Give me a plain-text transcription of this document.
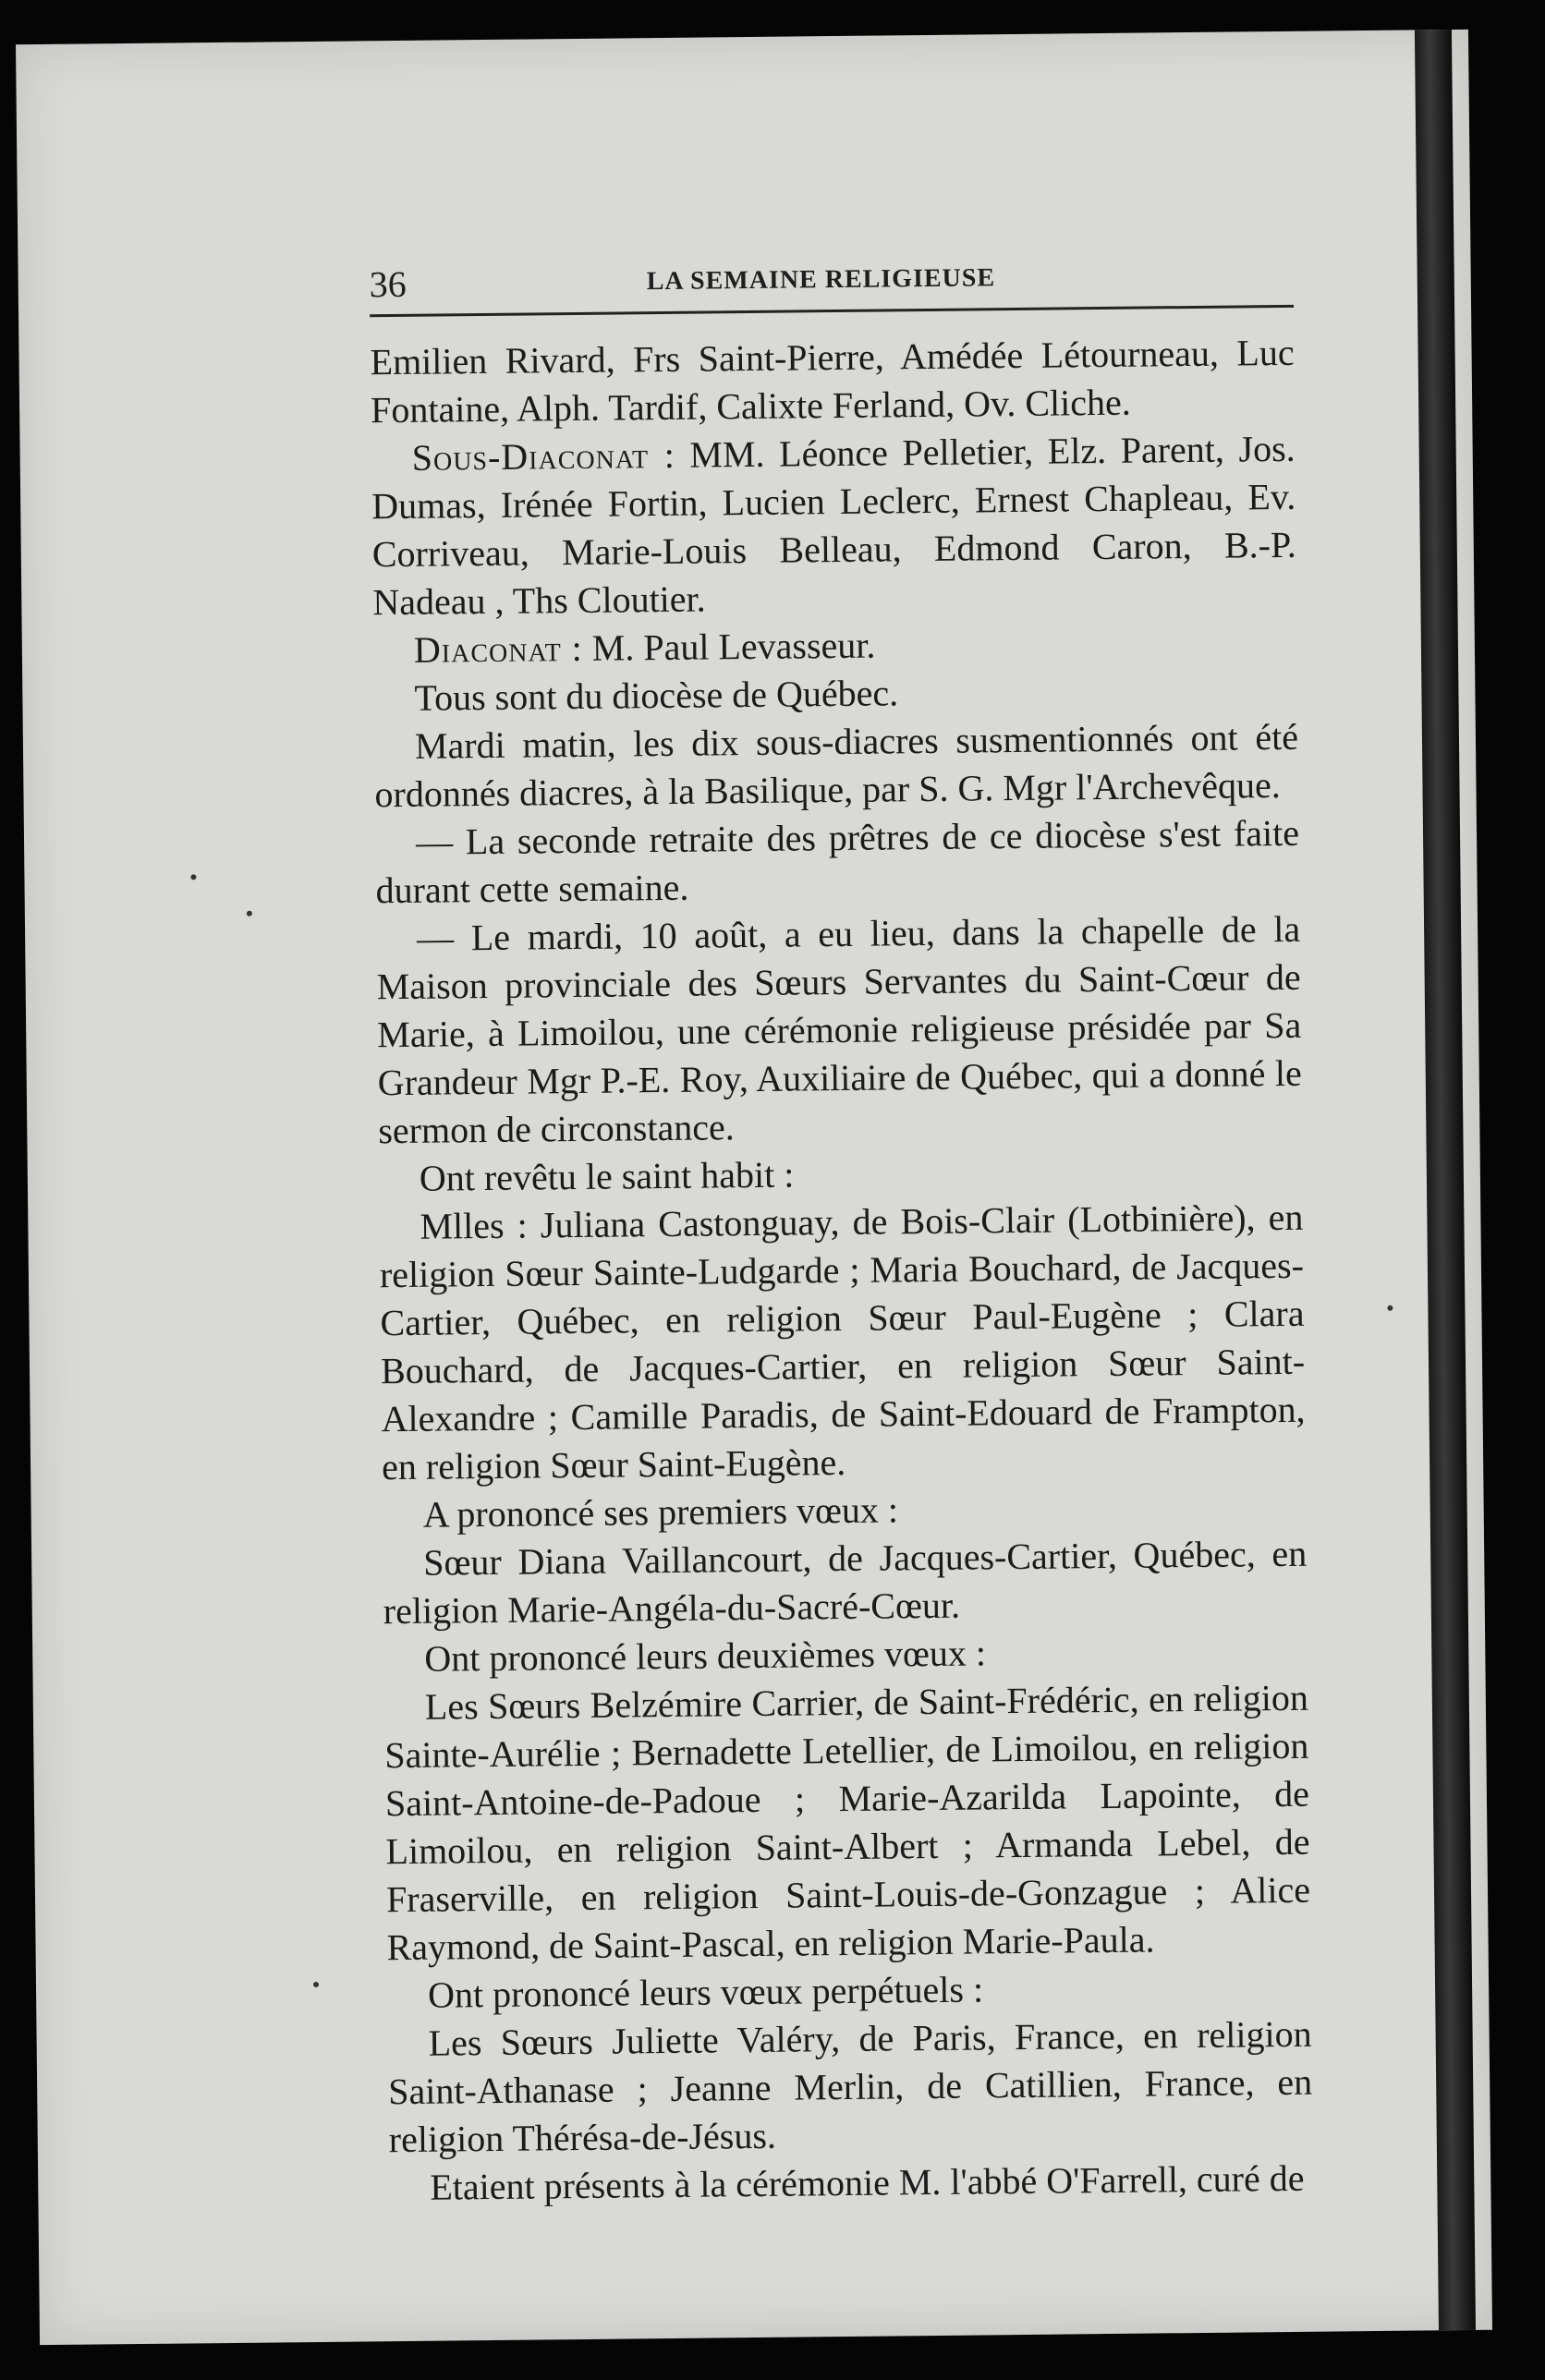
36	LA SEMAINE RELIGIEUSE

Emilien Rivard, Frs Saint-Pierre, Amédée Létourneau, Luc Fontaine, Alph. Tardif, Calixte Ferland, Ov. Cliche.

Sous-Diaconat : MM. Léonce Pelletier, Elz. Parent, Jos. Dumas, Irénée Fortin, Lucien Leclerc, Ernest Chapleau, Ev. Corriveau, Marie-Louis Belleau, Edmond Caron, B.-P. Nadeau , Ths Cloutier.

Diaconat : M. Paul Levasseur.

Tous sont du diocèse de Québec.

Mardi matin, les dix sous-diacres susmentionnés ont été ordonnés diacres, à la Basilique, par S. G. Mgr l'Archevêque.

— La seconde retraite des prêtres de ce diocèse s'est faite durant cette semaine.

— Le mardi, 10 août, a eu lieu, dans la chapelle de la Maison provinciale des Sœurs Servantes du Saint-Cœur de Marie, à Limoilou, une cérémonie religieuse présidée par Sa Grandeur Mgr P.-E. Roy, Auxiliaire de Québec, qui a donné le sermon de circonstance.

Ont revêtu le saint habit :

Mlles : Juliana Castonguay, de Bois-Clair (Lotbinière), en religion Sœur Sainte-Ludgarde ; Maria Bouchard, de Jacques-Cartier, Québec, en religion Sœur Paul-Eugène ; Clara Bouchard, de Jacques-Cartier, en religion Sœur Saint-Alexandre ; Camille Paradis, de Saint-Edouard de Frampton, en religion Sœur Saint-Eugène.

A prononcé ses premiers vœux :

Sœur Diana Vaillancourt, de Jacques-Cartier, Québec, en religion Marie-Angéla-du-Sacré-Cœur.

Ont prononcé leurs deuxièmes vœux :

Les Sœurs Belzémire Carrier, de Saint-Frédéric, en religion Sainte-Aurélie ; Bernadette Letellier, de Limoilou, en religion Saint-Antoine-de-Padoue ; Marie-Azarilda Lapointe, de Limoilou, en religion Saint-Albert ; Armanda Lebel, de Fraserville, en religion Saint-Louis-de-Gonzague ; Alice Raymond, de Saint-Pascal, en religion Marie-Paula.

Ont prononcé leurs vœux perpétuels :

Les Sœurs Juliette Valéry, de Paris, France, en religion Saint-Athanase ; Jeanne Merlin, de Catillien, France, en religion Thérésa-de-Jésus.

Etaient présents à la cérémonie M. l'abbé O'Farrell, curé de
